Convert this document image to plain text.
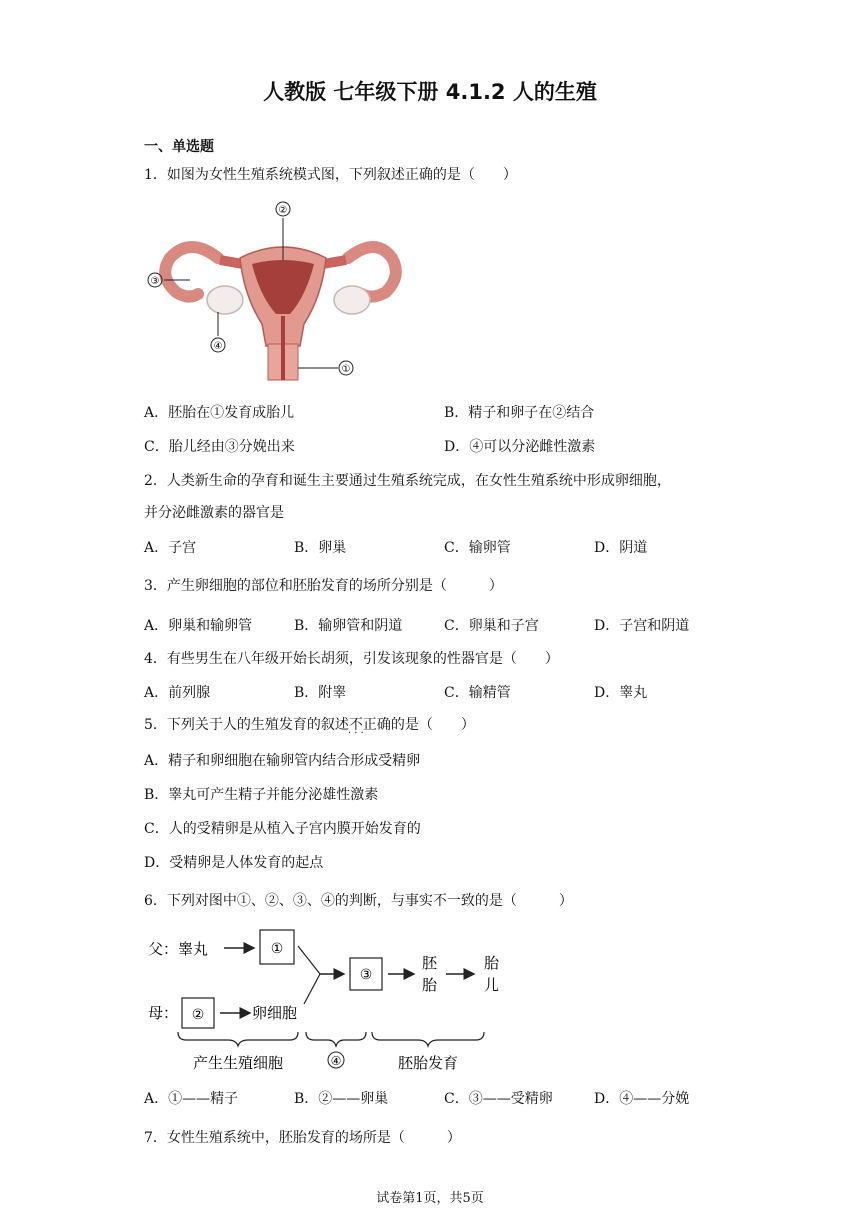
人教版 七年级下册 4.1.2 人的生殖
一、单选题
1．如图为女性生殖系统模式图，下列叙述正确的是（　　）
②
③
④
①
A．胚胎在①发育成胎儿	B．精子和卵子在②结合
C．胎儿经由③分娩出来	D．④可以分泌雌性激素
2．人类新生命的孕育和诞生主要通过生殖系统完成，在女性生殖系统中形成卵细胞，
并分泌雌激素的器官是
A．子宫	B．卵巢	C．输卵管	D．阴道
3．产生卵细胞的部位和胚胎发育的场所分别是（　　　）
A．卵巢和输卵管	B．输卵管和阴道	C．卵巢和子宫	D．子宫和阴道
4．有些男生在八年级开始长胡须，引发该现象的性器官是（　　）
A．前列腺	B．附睾	C．输精管	D．睾丸
5．下列关于人的生殖发育的叙述不正确 · · ·的是（　　）
A．精子和卵细胞在输卵管内结合形成受精卵
B．睾丸可产生精子并能分泌雄性激素
C．人的受精卵是从植入子宫内膜开始发育的
D．受精卵是人体发育的起点
6．下列对图中①、②、③、④的判断，与事实不一致的是（　　　）
父：睾丸	①
母： ②	卵细胞
③
胚
胎
胎
儿
产生生殖细胞	④	胚胎发育
A．①——精子	B．②——卵巢	C．③——受精卵	D．④——分娩
7．女性生殖系统中，胚胎发育的场所是（　　　）
试卷第1页，共5页
